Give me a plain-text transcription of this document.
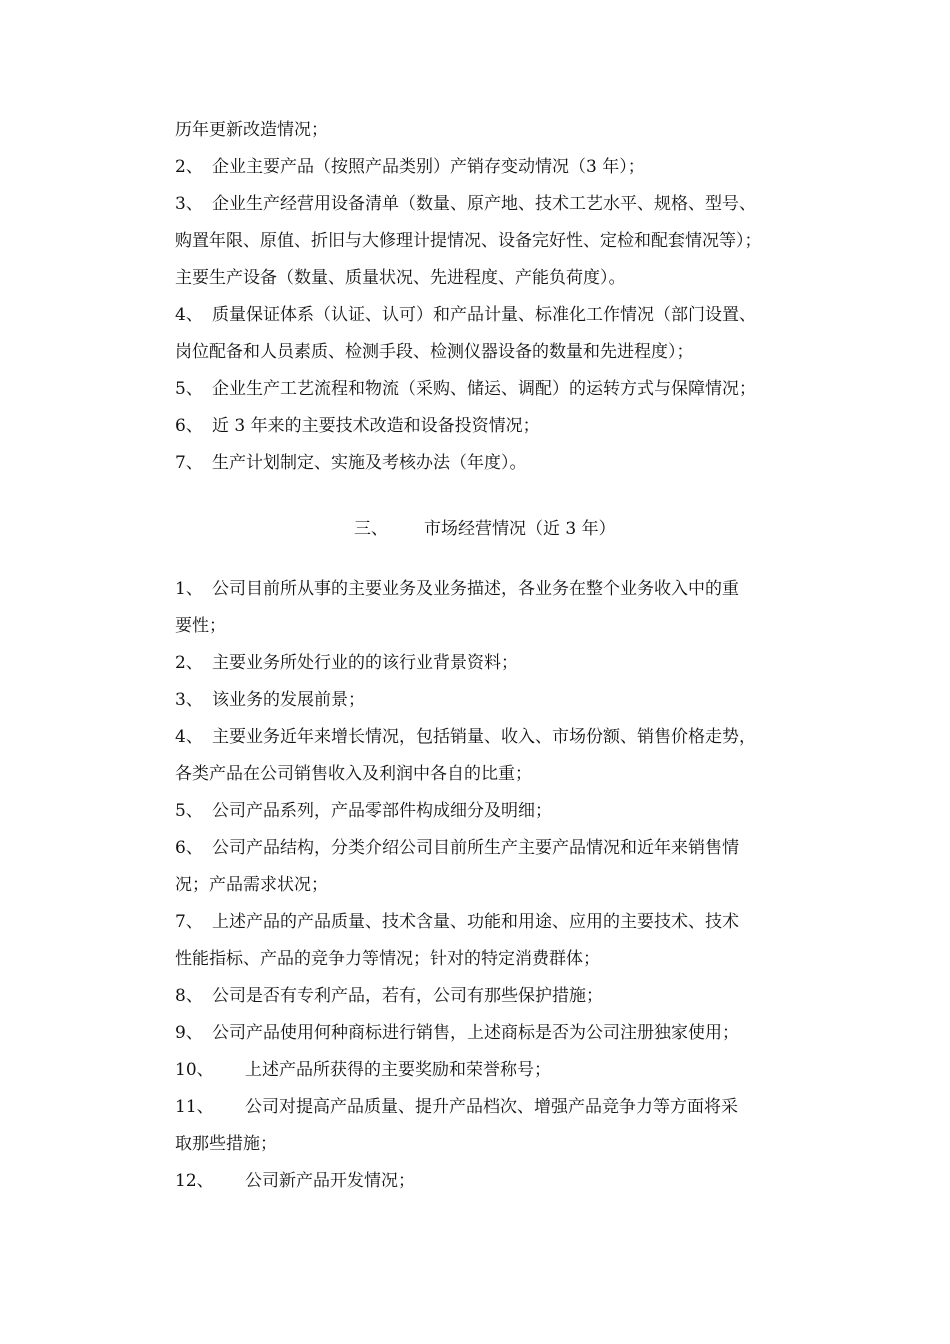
历年更新改造情况；
2、 企业主要产品（按照产品类别）产销存变动情况（3 年）；
3、 企业生产经营用设备清单（数量、原产地、技术工艺水平、规格、型号、
购置年限、原值、折旧与大修理计提情况、设备完好性、定检和配套情况等）；
主要生产设备（数量、质量状况、先进程度、产能负荷度）。
4、 质量保证体系（认证、认可）和产品计量、标准化工作情况（部门设置、
岗位配备和人员素质、检测手段、检测仪器设备的数量和先进程度）；
5、 企业生产工艺流程和物流（采购、储运、调配）的运转方式与保障情况；
6、 近 3 年来的主要技术改造和设备投资情况；
7、 生产计划制定、实施及考核办法（年度）。
三、 市场经营情况（近 3 年）
1、 公司目前所从事的主要业务及业务描述，各业务在整个业务收入中的重
要性；
2、 主要业务所处行业的的该行业背景资料；
3、 该业务的发展前景；
4、 主要业务近年来增长情况，包括销量、收入、市场份额、销售价格走势，
各类产品在公司销售收入及利润中各自的比重；
5、 公司产品系列，产品零部件构成细分及明细；
6、 公司产品结构，分类介绍公司目前所生产主要产品情况和近年来销售情
况；产品需求状况；
7、 上述产品的产品质量、技术含量、功能和用途、应用的主要技术、技术
性能指标、产品的竞争力等情况；针对的特定消费群体；
8、 公司是否有专利产品，若有，公司有那些保护措施；
9、 公司产品使用何种商标进行销售，上述商标是否为公司注册独家使用；
10、 上述产品所获得的主要奖励和荣誉称号；
11、 公司对提高产品质量、提升产品档次、增强产品竞争力等方面将采
取那些措施；
12、 公司新产品开发情况；
